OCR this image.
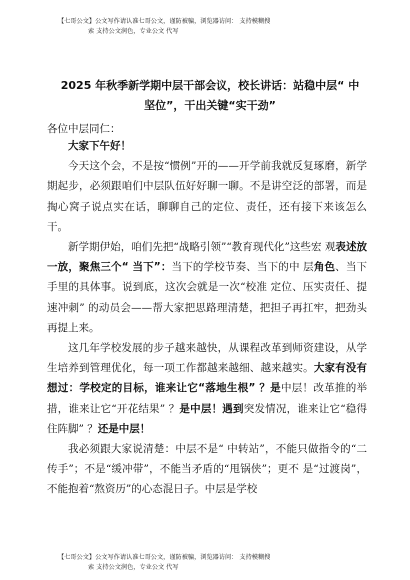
【七哥公文】公文写作请认准七哥公文，谨防被骗，浏览器访问： 支持模糊搜
索 支持公文润色，专业公文 代写
2025 年秋季新学期中层干部会议，校长讲话：站稳中层“ 中坚位”，干出关键“实干劲”
各位中层同仁：

大家下午好！

今天这个会，不是按“惯例”开的——开学前我就反复琢磨，新学期起步，必须跟咱们中层队伍好好聊一聊。不是讲空泛的部署，而是掏心窝子说点实在话，聊聊自己的定位、责任，还有接下来该怎么干。

新学期伊始，咱们先把“战略引领”“教育现代化”这些宏 观表述放一放，聚焦三个“ 当下”：当下的学校节奏、当下的中 层角色、当下手里的具体事。说到底，这次会就是一次“校准 定位、压实责任、提速冲刺” 的动员会——帮大家把思路理清楚，把担子再扛牢，把劲头再提上来。

这几年学校发展的步子越来越快，从课程改革到师资建设，从学生培养到管理优化，每一项工作都越来越细、越来越实。大家有没有想过：学校定的目标，谁来让它“落地生根” ？是中层！改革推的举措，谁来让它“开花结果” ？是中层！遇到突发情况，谁来让它“稳得住阵脚” ？还是中层！

我必须跟大家说清楚：中层不是“ 中转站”，不能只做指令的“二传手”；不是“缓冲带”，不能当矛盾的“甩锅侠”；更不 是“过渡岗”，不能抱着“熬资历”的心态混日子。中层是学校

【七哥公文】公文写作请认准七哥公文，谨防被骗，浏览器访问： 支持模糊搜
索 支持公文润色，专业公文 代写
